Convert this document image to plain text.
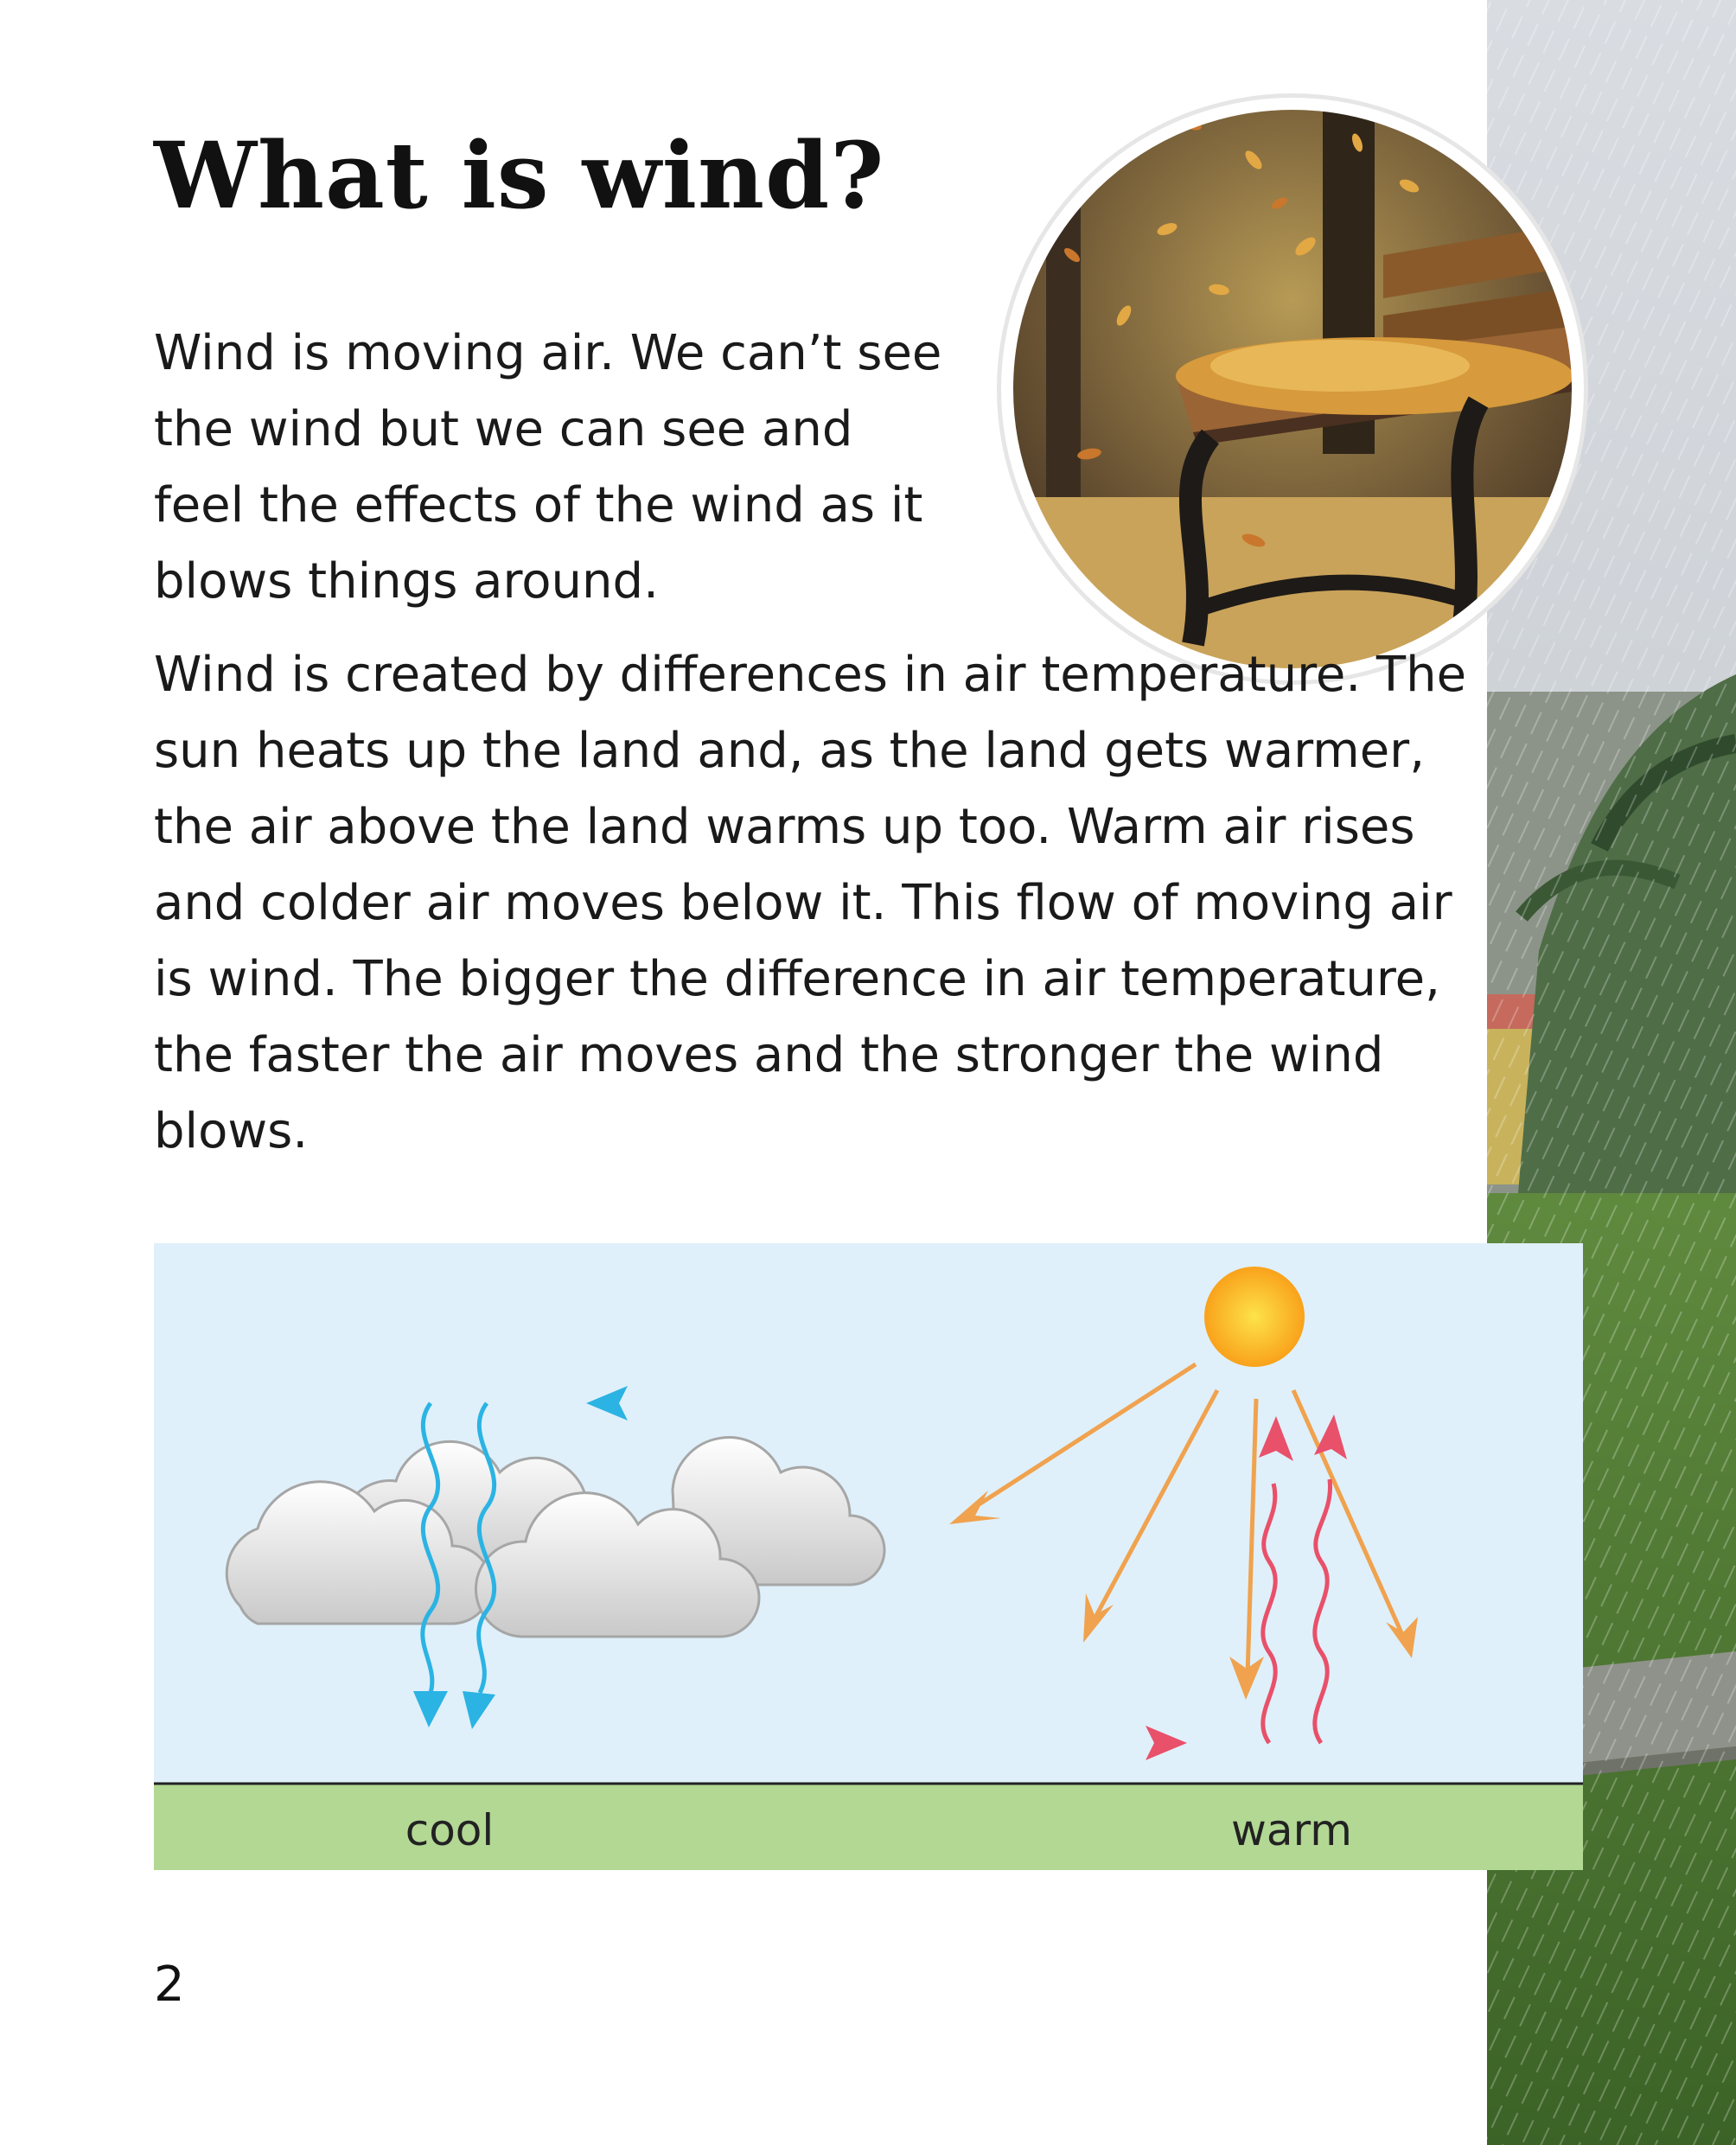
What is wind?

Wind is moving air. We can’t see the wind but we can see and feel the effects of the wind as it blows things around.

Wind is created by differences in air temperature. The sun heats up the land and, as the land gets warmer, the air above the land warms up too. Warm air rises and colder air moves below it. This flow of moving air is wind. The bigger the difference in air temperature, the faster the air moves and the stronger the wind blows.

cool	warm
2
